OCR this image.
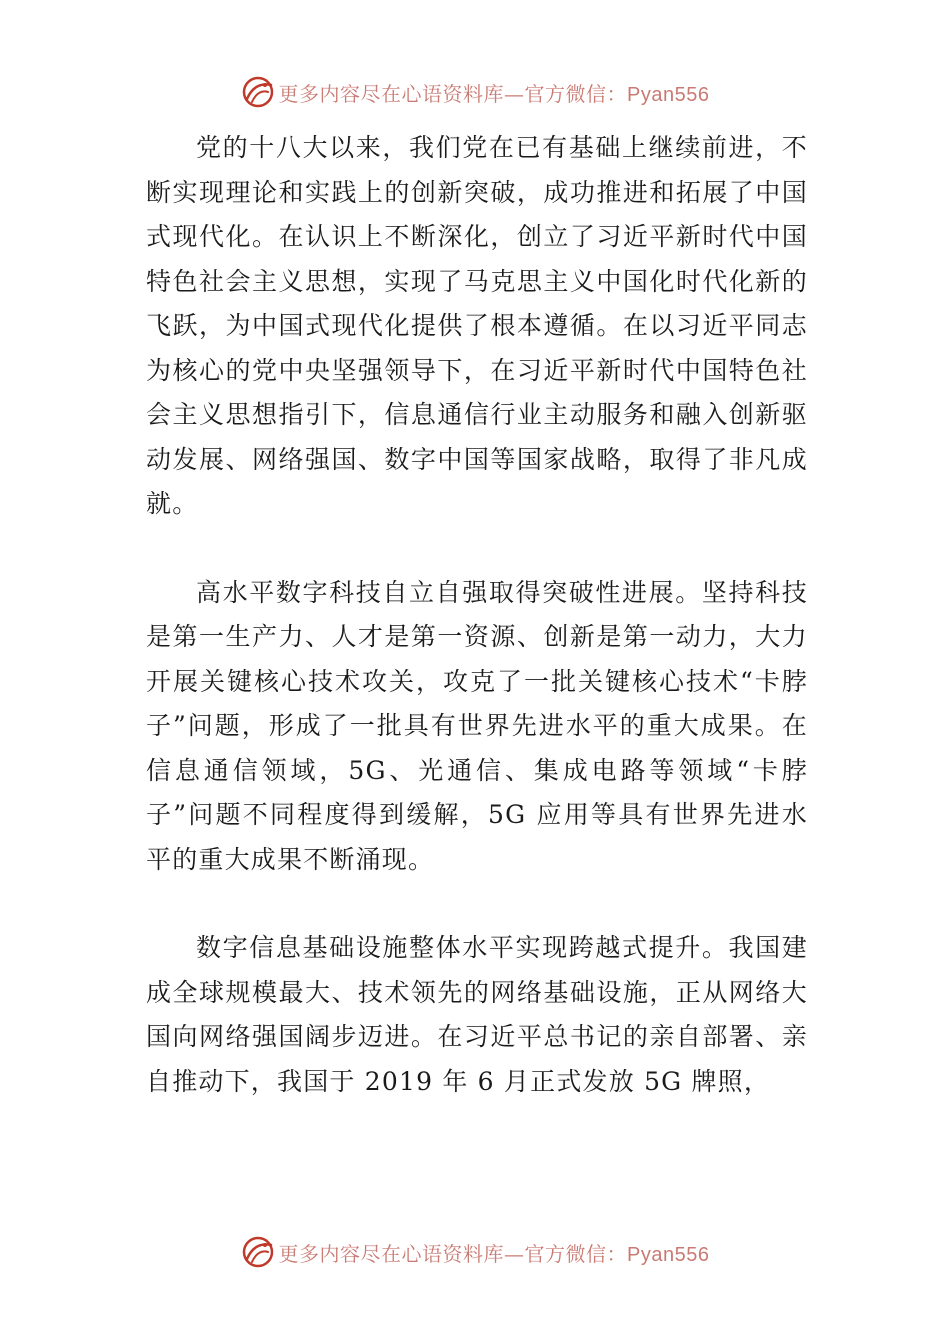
更多内容尽在心语资料库—官方微信：Pyan556

党的十八大以来，我们党在已有基础上继续前进，不断实现理论和实践上的创新突破，成功推进和拓展了中国式现代化。在认识上不断深化，创立了习近平新时代中国特色社会主义思想，实现了马克思主义中国化时代化新的飞跃，为中国式现代化提供了根本遵循。在以习近平同志为核心的党中央坚强领导下，在习近平新时代中国特色社会主义思想指引下，信息通信行业主动服务和融入创新驱动发展、网络强国、数字中国等国家战略，取得了非凡成就。

高水平数字科技自立自强取得突破性进展。坚持科技是第一生产力、人才是第一资源、创新是第一动力，大力开展关键核心技术攻关，攻克了一批关键核心技术“卡脖子”问题，形成了一批具有世界先进水平的重大成果。在信息通信领域，5G、光通信、集成电路等领域“卡脖子”问题不同程度得到缓解，5G 应用等具有世界先进水平的重大成果不断涌现。

数字信息基础设施整体水平实现跨越式提升。我国建成全球规模最大、技术领先的网络基础设施，正从网络大国向网络强国阔步迈进。在习近平总书记的亲自部署、亲自推动下，我国于 2019 年 6 月正式发放 5G 牌照，

更多内容尽在心语资料库—官方微信：Pyan556
